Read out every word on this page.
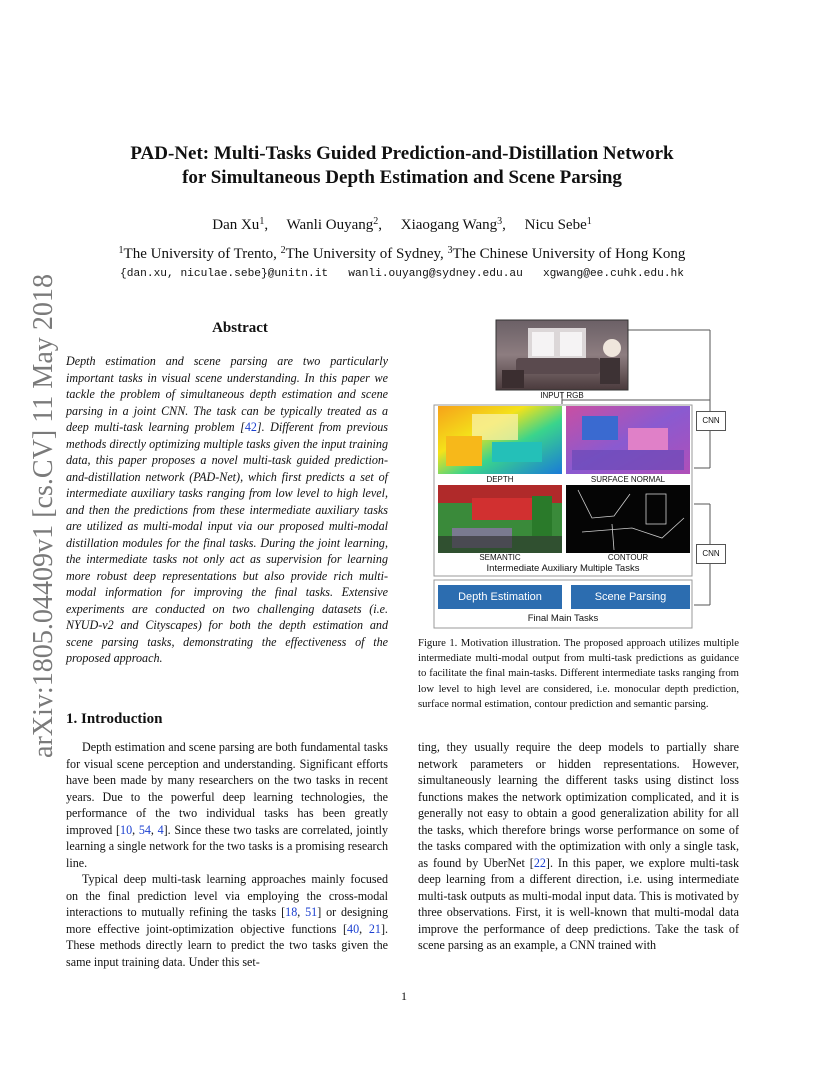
arXiv:1805.04409v1 [cs.CV] 11 May 2018
PAD-Net: Multi-Tasks Guided Prediction-and-Distillation Network
for Simultaneous Depth Estimation and Scene Parsing
Dan Xu$^1$,     Wanli Ouyang$^2$,     Xiaogang Wang$^3$,     Nicu Sebe$^1$
$^1$The University of Trento, $^2$The University of Sydney, $^3$The Chinese University of Hong Kong
{dan.xu, niculae.sebe}@unitn.it   wanli.ouyang@sydney.edu.au   xgwang@ee.cuhk.edu.hk
Abstract
Depth estimation and scene parsing are two particularly important tasks in visual scene understanding. In this paper we tackle the problem of simultaneous depth estimation and scene parsing in a joint CNN. The task can be typically treated as a deep multi-task learning problem [42]. Different from previous methods directly optimizing multiple tasks given the input training data, this paper proposes a novel multi-task guided prediction-and-distillation network (PAD-Net), which first predicts a set of intermediate auxiliary tasks ranging from low level to high level, and then the predictions from these intermediate auxiliary tasks are utilized as multi-modal input via our proposed multi-modal distillation modules for the final tasks. During the joint learning, the intermediate tasks not only act as supervision for learning more robust deep representations but also provide rich multi-modal information for improving the final tasks. Extensive experiments are conducted on two challenging datasets (i.e. NYUD-v2 and Cityscapes) for both the depth estimation and scene parsing tasks, demonstrating the effectiveness of the proposed approach.
1. Introduction

Depth estimation and scene parsing are both fundamental tasks for visual scene perception and understanding. Significant efforts have been made by many researchers on the two tasks in recent years. Due to the powerful deep learning technologies, the performance of the two individual tasks has been greatly improved [10, 54, 4]. Since these two tasks are correlated, jointly learning a single network for the two tasks is a promising research line.

Typical deep multi-task learning approaches mainly focused on the final prediction level via employing the cross-modal interactions to mutually refining the tasks [18, 51] or designing more effective joint-optimization objective functions [40, 21]. These methods directly learn to predict the two tasks given the same input training data. Under this set-

ting, they usually require the deep models to partially share network parameters or hidden representations. However, simultaneously learning the different tasks using distinct loss functions makes the network optimization complicated, and it is generally not easy to obtain a good generalization ability for all the tasks, which therefore brings worse performance on some of the tasks compared with the optimization with only a single task, as found by UberNet [22]. In this paper, we explore multi-task deep learning from a different direction, i.e. using intermediate multi-task outputs as multi-modal input data. This is motivated by three observations. First, it is well-known that multi-modal data improve the performance of deep predictions. Take the task of scene parsing as an example, a CNN trained with

INPUT RGB
DEPTH	SURFACE NORMAL
SEMANTIC	CONTOUR
Intermediate Auxiliary Multiple Tasks
Depth Estimation	Scene Parsing
Final Main Tasks
CNN
CNN
Figure 1. Motivation illustration. The proposed approach utilizes multiple intermediate multi-modal output from multi-task predictions as guidance to facilitate the final main-tasks. Different intermediate tasks ranging from low level to high level are considered, i.e. monocular depth prediction, surface normal estimation, contour prediction and semantic parsing.
1
